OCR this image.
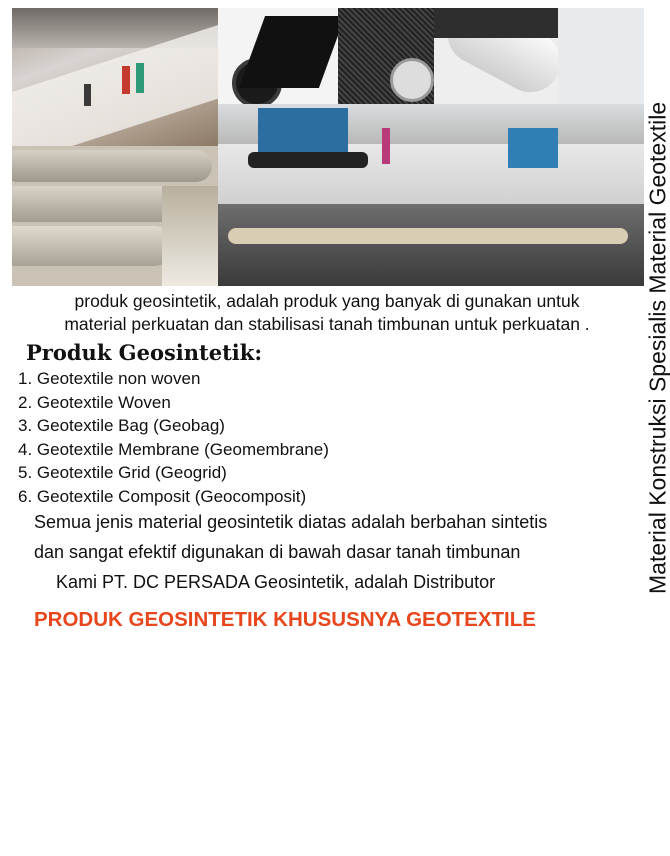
Material Konstruksi Spesialis Material Geotextile
produk geosintetik, adalah produk yang banyak di gunakan untuk
material perkuatan dan stabilisasi tanah timbunan untuk perkuatan .
Produk Geosintetik:
1. Geotextile non woven
2. Geotextile Woven
3. Geotextile Bag (Geobag)
4. Geotextile Membrane (Geomembrane)
5. Geotextile Grid (Geogrid)
6. Geotextile Composit (Geocomposit)
Semua jenis material geosintetik diatas adalah berbahan sintetis
dan sangat efektif digunakan di bawah dasar tanah timbunan
Kami PT. DC PERSADA Geosintetik, adalah Distributor
PRODUK GEOSINTETIK KHUSUSNYA GEOTEXTILE
